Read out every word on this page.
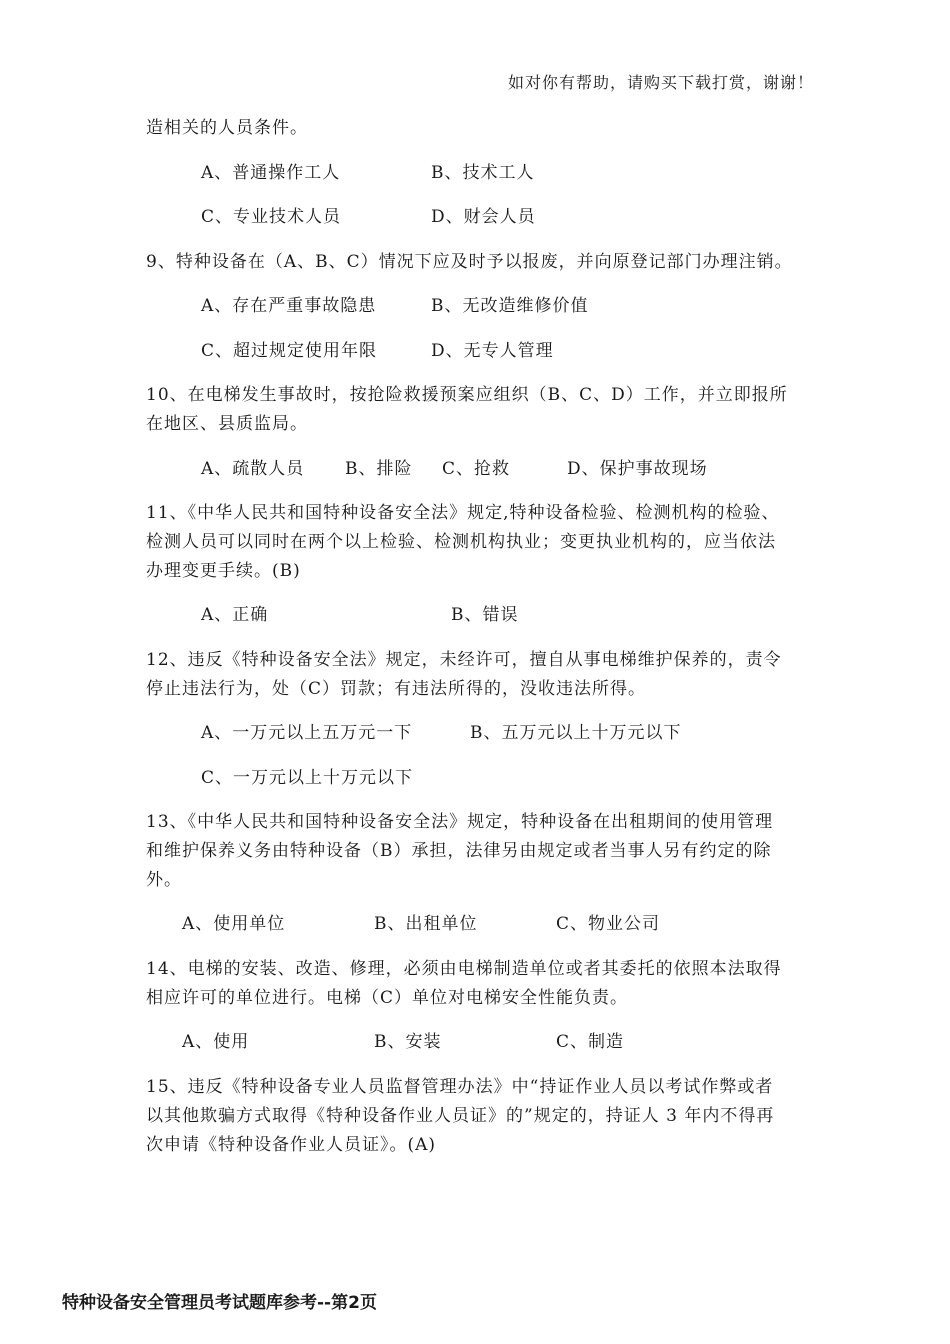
如对你有帮助，请购买下载打赏，谢谢！
造相关的人员条件。
A、普通操作工人	B、技术工人
C、专业技术人员	D、财会人员
9、特种设备在（A、B、C）情况下应及时予以报废，并向原登记部门办理注销。
A、存在严重事故隐患	B、无改造维修价值
C、超过规定使用年限	D、无专人管理
10、在电梯发生事故时，按抢险救援预案应组织（B、C、D）工作，并立即报所
在地区、县质监局。
A、疏散人员 B、排险 C、抢救	D、保护事故现场
11、《中华人民共和国特种设备安全法》规定,特种设备检验、检测机构的检验、
检测人员可以同时在两个以上检验、检测机构执业；变更执业机构的，应当依法
办理变更手续。(B)
A、正确	B、错误
12、违反《特种设备安全法》规定，未经许可，擅自从事电梯维护保养的，责令
停止违法行为，处（C）罚款；有违法所得的，没收违法所得。
A、一万元以上五万元一下	B、五万元以上十万元以下
C、一万元以上十万元以下
13、《中华人民共和国特种设备安全法》规定，特种设备在出租期间的使用管理
和维护保养义务由特种设备（B）承担，法律另由规定或者当事人另有约定的除
外。
A、使用单位	B、出租单位	C、物业公司
14、电梯的安装、改造、修理，必须由电梯制造单位或者其委托的依照本法取得
相应许可的单位进行。电梯（C）单位对电梯安全性能负责。
A、使用	B、安装	C、制造
15、违反《特种设备专业人员监督管理办法》中“持证作业人员以考试作弊或者
以其他欺骗方式取得《特种设备作业人员证》的”规定的，持证人 3 年内不得再
次申请《特种设备作业人员证》。(A)
特种设备安全管理员考试题库参考--第2页
